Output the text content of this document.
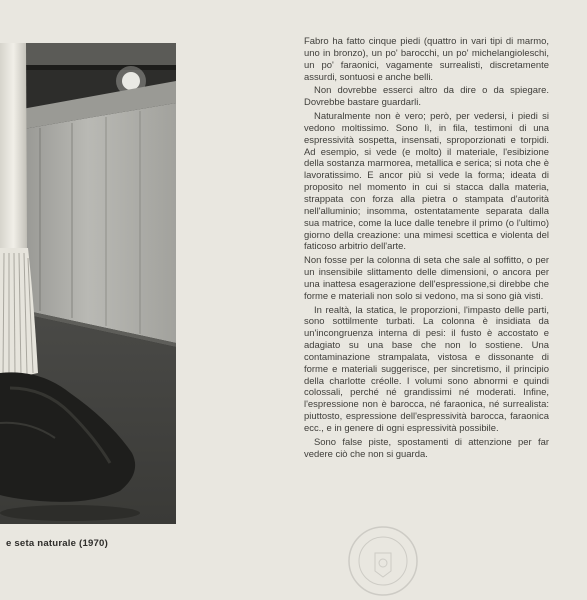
e seta naturale (1970)

Fabro ha fatto cinque piedi (quattro in vari tipi di marmo, uno in bronzo), un po' barocchi, un po' michelangioleschi, un po' faraonici, vagamente surrealisti, discretamente assurdi, sontuosi e anche belli.

Non dovrebbe esserci altro da dire o da spiegare. Dovrebbe bastare guardarli.

Naturalmente non è vero; però, per vedersi, i piedi si vedono moltissimo. Sono lì, in fila, testimoni di una espressività sospetta, insensati, sproporzionati e torpidi. Ad esempio, si vede (e molto) il materiale, l'esibizione della sostanza marmorea, metallica e serica; si nota che è lavoratissimo. E ancor più si vede la forma; ideata di proposito nel momento in cui si stacca dalla materia, strappata con forza alla pietra o stampata d'autorità nell'alluminio; insomma, ostentatamente separata dalla sua matrice, come la luce dalle tenebre il primo (o l'ultimo) giorno della creazione: una mimesi scettica e violenta del faticoso arbitrio dell'arte.

Non fosse per la colonna di seta che sale al soffitto, o per un insensibile slittamento delle dimensioni, o ancora per una inattesa esagerazione dell'espressione,si direbbe che forme e materiali non solo si vedono, ma si sono già visti.

In realtà, la statica, le proporzioni, l'impasto delle parti, sono sottilmente turbati. La colonna è insidiata da un'incongruenza interna di pesi: il fusto è accostato e adagiato su una base che non lo sostiene. Una contaminazione strampalata, vistosa e dissonante di forme e materiali suggerisce, per sincretismo, il principio della charlotte créolle. I volumi sono abnormi e quindi colossali, perché né grandissimi né moderati. Infine, l'espressione non è barocca, né faraonica, né surrealista: piuttosto, espressione dell'espressività barocca, faraonica ecc., e in genere di ogni espressività possibile.

Sono false piste, spostamenti di attenzione per far vedere ciò che non si guarda.
